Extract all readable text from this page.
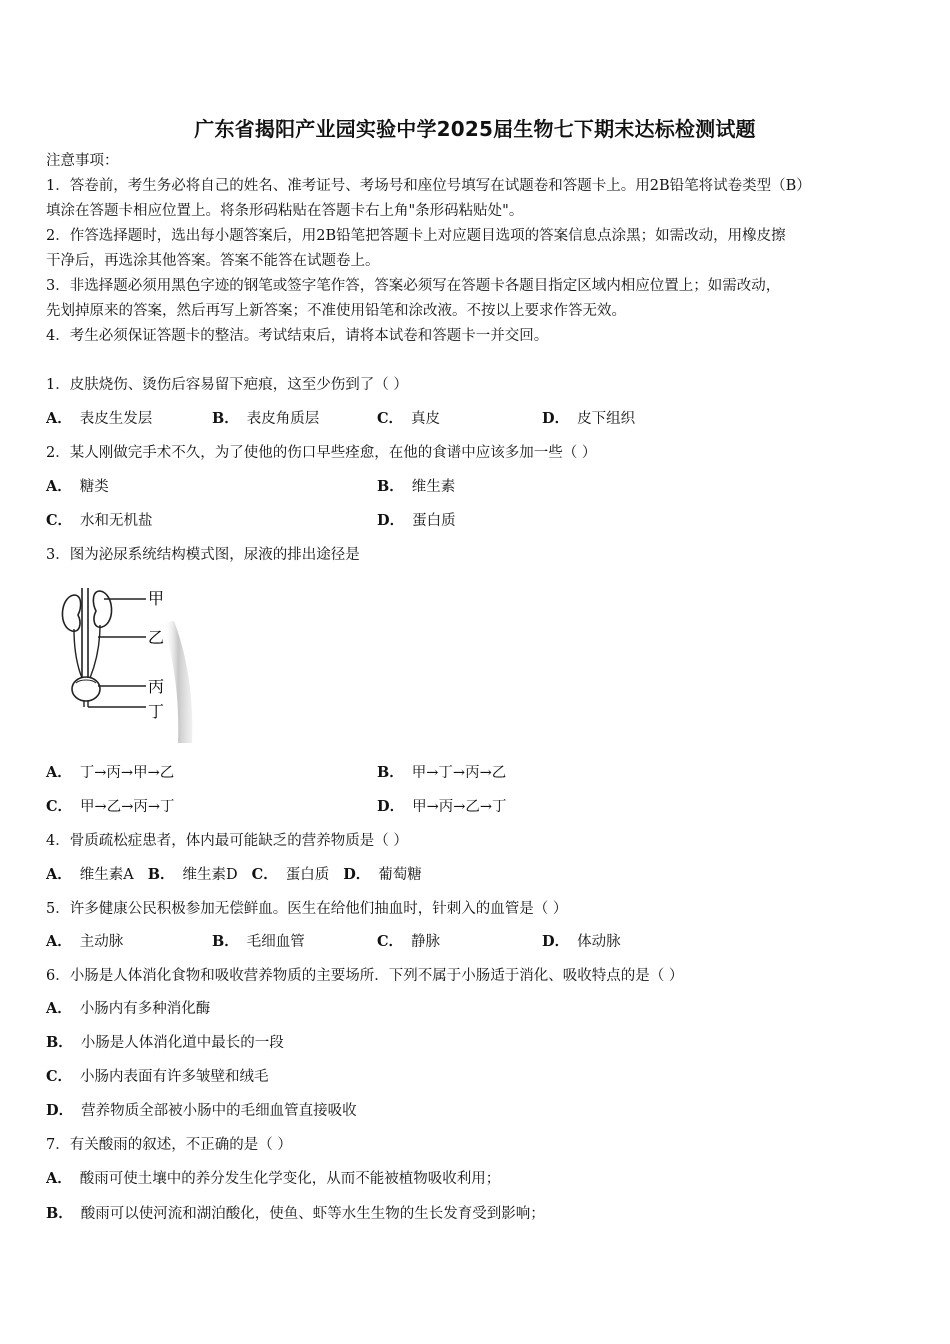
广东省揭阳产业园实验中学2025届生物七下期末达标检测试题
注意事项：
1．答卷前，考生务必将自己的姓名、准考证号、考场号和座位号填写在试题卷和答题卡上。用2B铅笔将试卷类型（B）
填涂在答题卡相应位置上。将条形码粘贴在答题卡右上角"条形码粘贴处"。
2．作答选择题时，选出每小题答案后，用2B铅笔把答题卡上对应题目选项的答案信息点涂黑；如需改动，用橡皮擦
干净后，再选涂其他答案。答案不能答在试题卷上。
3．非选择题必须用黑色字迹的钢笔或签字笔作答，答案必须写在答题卡各题目指定区域内相应位置上；如需改动，
先划掉原来的答案，然后再写上新答案；不准使用铅笔和涂改液。不按以上要求作答无效。
4．考生必须保证答题卡的整洁。考试结束后，请将本试卷和答题卡一并交回。
1．皮肤烧伤、烫伤后容易留下疤痕，这至少伤到了（ ）
A． 表皮生发层	B． 表皮角质层	C． 真皮	D． 皮下组织
2．某人刚做完手术不久，为了使他的伤口早些痊愈，在他的食谱中应该多加一些（ ）
A． 糖类	B． 维生素
C． 水和无机盐	D． 蛋白质
3．图为泌尿系统结构模式图，尿液的排出途径是
甲
乙
丙
丁
A． 丁→丙→甲→乙	B． 甲→丁→丙→乙
C． 甲→乙→丙→丁	D． 甲→丙→乙→丁
4．骨质疏松症患者，体内最可能缺乏的营养物质是（ ）
A． 维生素A B． 维生素D C． 蛋白质 D． 葡萄糖
5．许多健康公民积极参加无偿鲜血。医生在给他们抽血时，针刺入的血管是（ ）
A． 主动脉	B． 毛细血管	C． 静脉	D． 体动脉
6．小肠是人体消化食物和吸收营养物质的主要场所．下列不属于小肠适于消化、吸收特点的是（ ）
A． 小肠内有多种消化酶
B． 小肠是人体消化道中最长的一段
C． 小肠内表面有许多皱壁和绒毛
D． 营养物质全部被小肠中的毛细血管直接吸收
7．有关酸雨的叙述，不正确的是（ ）
A． 酸雨可使土壤中的养分发生化学变化，从而不能被植物吸收利用；
B． 酸雨可以使河流和湖泊酸化，使鱼、虾等水生生物的生长发育受到影响；
